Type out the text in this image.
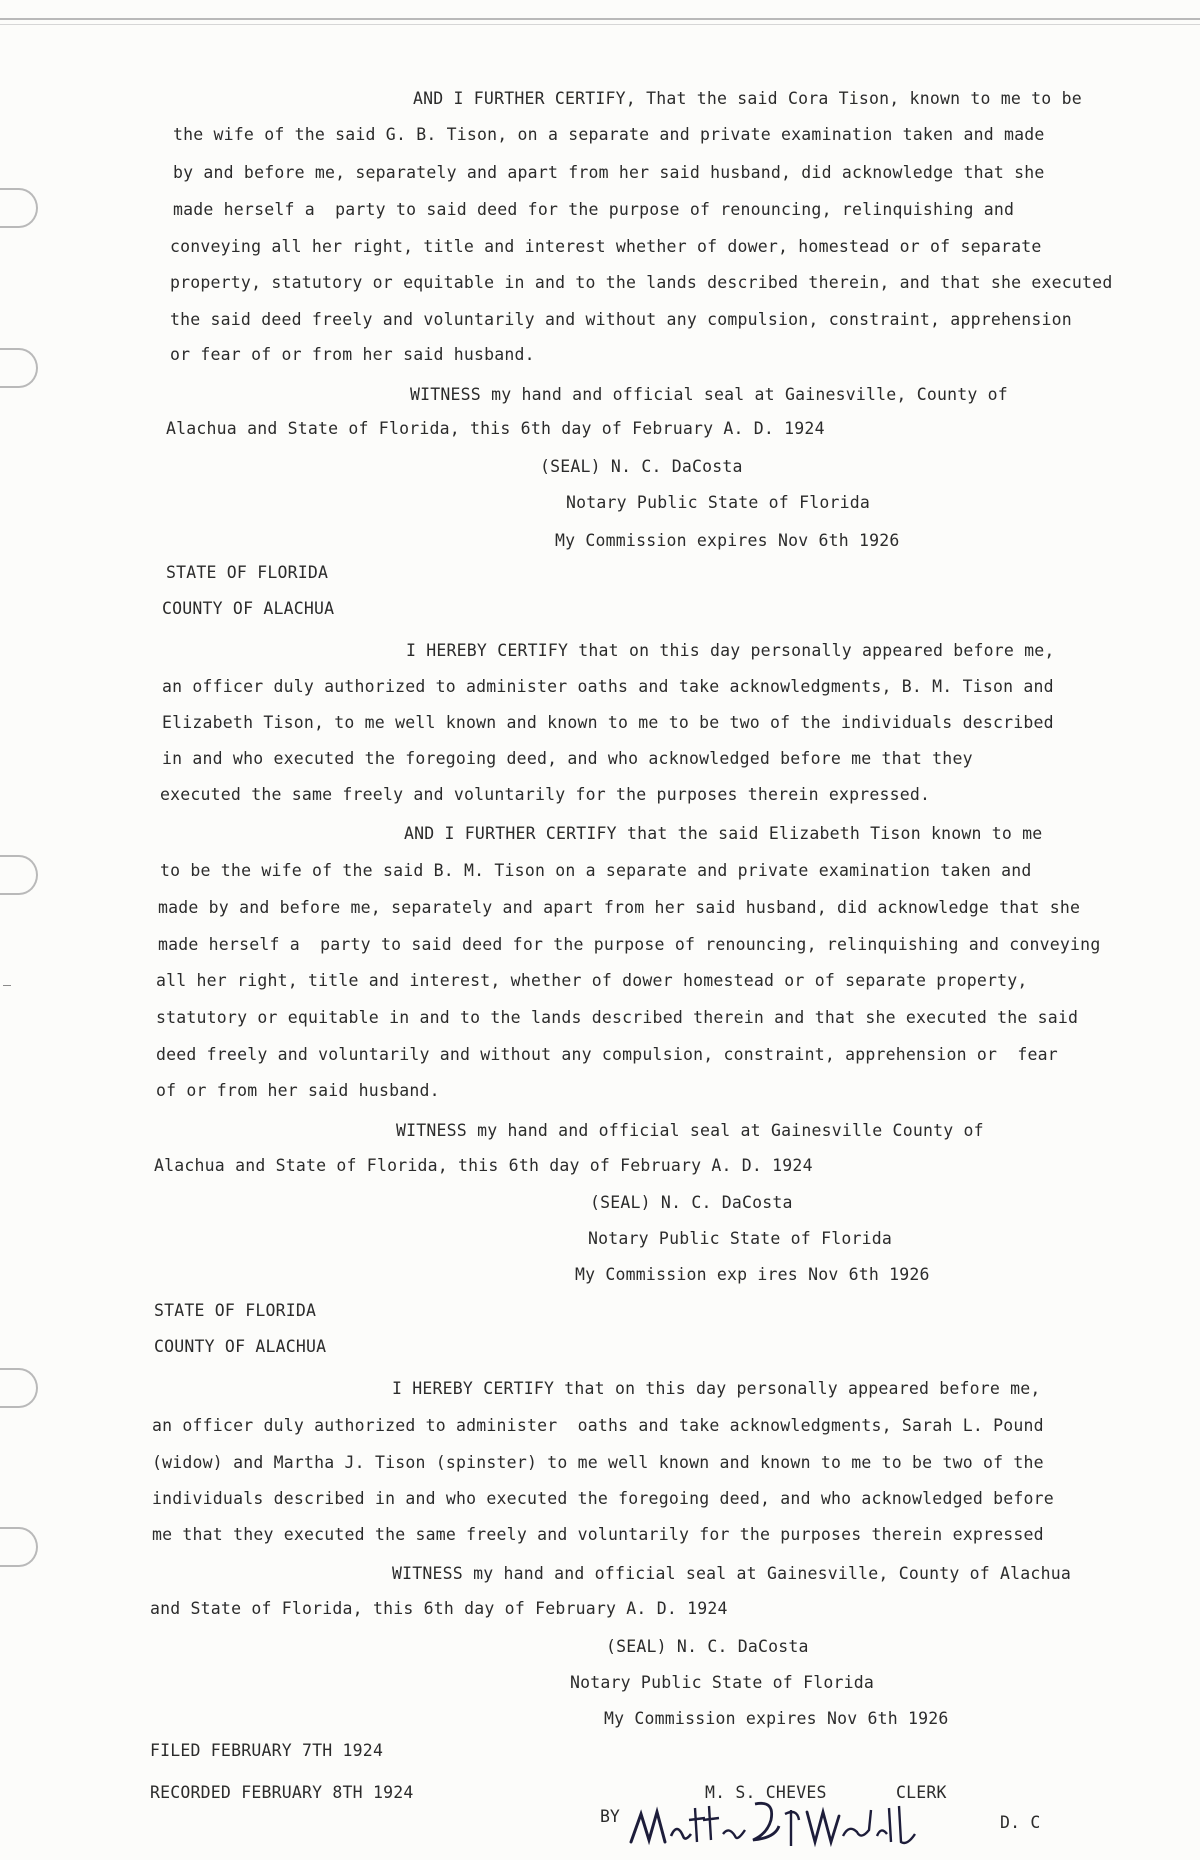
AND I FURTHER CERTIFY, That the said Cora Tison, known to me to be
the wife of the said G. B. Tison, on a separate and private examination taken and made
by and before me, separately and apart from her said husband, did acknowledge that she
made herself a  party to said deed for the purpose of renouncing, relinquishing and
conveying all her right, title and interest whether of dower, homestead or of separate
property, statutory or equitable in and to the lands described therein, and that she executed
the said deed freely and voluntarily and without any compulsion, constraint, apprehension
or fear of or from her said husband.
WITNESS my hand and official seal at Gainesville, County of
Alachua and State of Florida, this 6th day of February A. D. 1924
(SEAL) N. C. DaCosta
Notary Public State of Florida
My Commission expires Nov 6th 1926
STATE OF FLORIDA
COUNTY OF ALACHUA
I HEREBY CERTIFY that on this day personally appeared before me,
an officer duly authorized to administer oaths and take acknowledgments, B. M. Tison and
Elizabeth Tison, to me well known and known to me to be two of the individuals described
in and who executed the foregoing deed, and who acknowledged before me that they
executed the same freely and voluntarily for the purposes therein expressed.
AND I FURTHER CERTIFY that the said Elizabeth Tison known to me
to be the wife of the said B. M. Tison on a separate and private examination taken and
made by and before me, separately and apart from her said husband, did acknowledge that she
made herself a  party to said deed for the purpose of renouncing, relinquishing and conveying
all her right, title and interest, whether of dower homestead or of separate property,
statutory or equitable in and to the lands described therein and that she executed the said
deed freely and voluntarily and without any compulsion, constraint, apprehension or  fear
of or from her said husband.
WITNESS my hand and official seal at Gainesville County of
Alachua and State of Florida, this 6th day of February A. D. 1924
(SEAL) N. C. DaCosta
Notary Public State of Florida
My Commission exp ires Nov 6th 1926
STATE OF FLORIDA
COUNTY OF ALACHUA
I HEREBY CERTIFY that on this day personally appeared before me,
an officer duly authorized to administer  oaths and take acknowledgments, Sarah L. Pound
(widow) and Martha J. Tison (spinster) to me well known and known to me to be two of the
individuals described in and who executed the foregoing deed, and who acknowledged before
me that they executed the same freely and voluntarily for the purposes therein expressed
WITNESS my hand and official seal at Gainesville, County of Alachua
and State of Florida, this 6th day of February A. D. 1924
(SEAL) N. C. DaCosta
Notary Public State of Florida
My Commission expires Nov 6th 1926
FILED FEBRUARY 7TH 1924
RECORDED FEBRUARY 8TH 1924	M. S. CHEVES	CLERK
D. C
BY
